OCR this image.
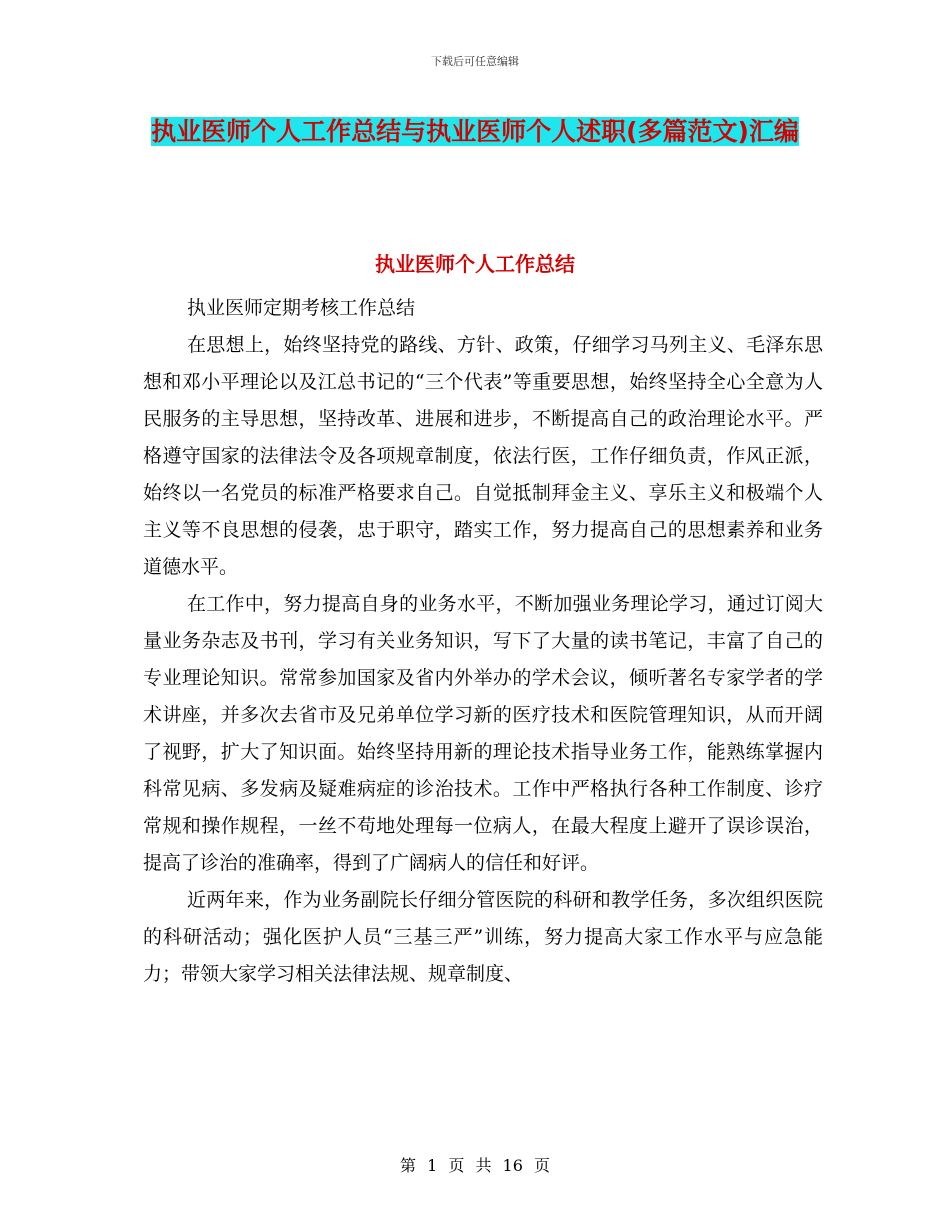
下载后可任意编辑
执业医师个人工作总结与执业医师个人述职(多篇范文)汇编
执业医师个人工作总结

执业医师定期考核工作总结

在思想上，始终坚持党的路线、方针、政策，仔细学习马列主义、毛泽东思想和邓小平理论以及江总书记的“三个代表”等重要思想，始终坚持全心全意为人民服务的主导思想，坚持改革、进展和进步，不断提高自己的政治理论水平。严格遵守国家的法律法令及各项规章制度，依法行医，工作仔细负责，作风正派，始终以一名党员的标准严格要求自己。自觉抵制拜金主义、享乐主义和极端个人主义等不良思想的侵袭，忠于职守，踏实工作，努力提高自己的思想素养和业务道德水平。

在工作中，努力提高自身的业务水平，不断加强业务理论学习，通过订阅大量业务杂志及书刊，学习有关业务知识，写下了大量的读书笔记，丰富了自己的专业理论知识。常常参加国家及省内外举办的学术会议，倾听著名专家学者的学术讲座，并多次去省市及兄弟单位学习新的医疗技术和医院管理知识，从而开阔了视野，扩大了知识面。始终坚持用新的理论技术指导业务工作，能熟练掌握内科常见病、多发病及疑难病症的诊治技术。工作中严格执行各种工作制度、诊疗常规和操作规程，一丝不苟地处理每一位病人，在最大程度上避开了误诊误治，提高了诊治的准确率，得到了广阔病人的信任和好评。

近两年来，作为业务副院长仔细分管医院的科研和教学任务，多次组织医院的科研活动；强化医护人员“三基三严”训练，努力提高大家工作水平与应急能力；带领大家学习相关法律法规、规章制度、

第 1 页 共 16 页
